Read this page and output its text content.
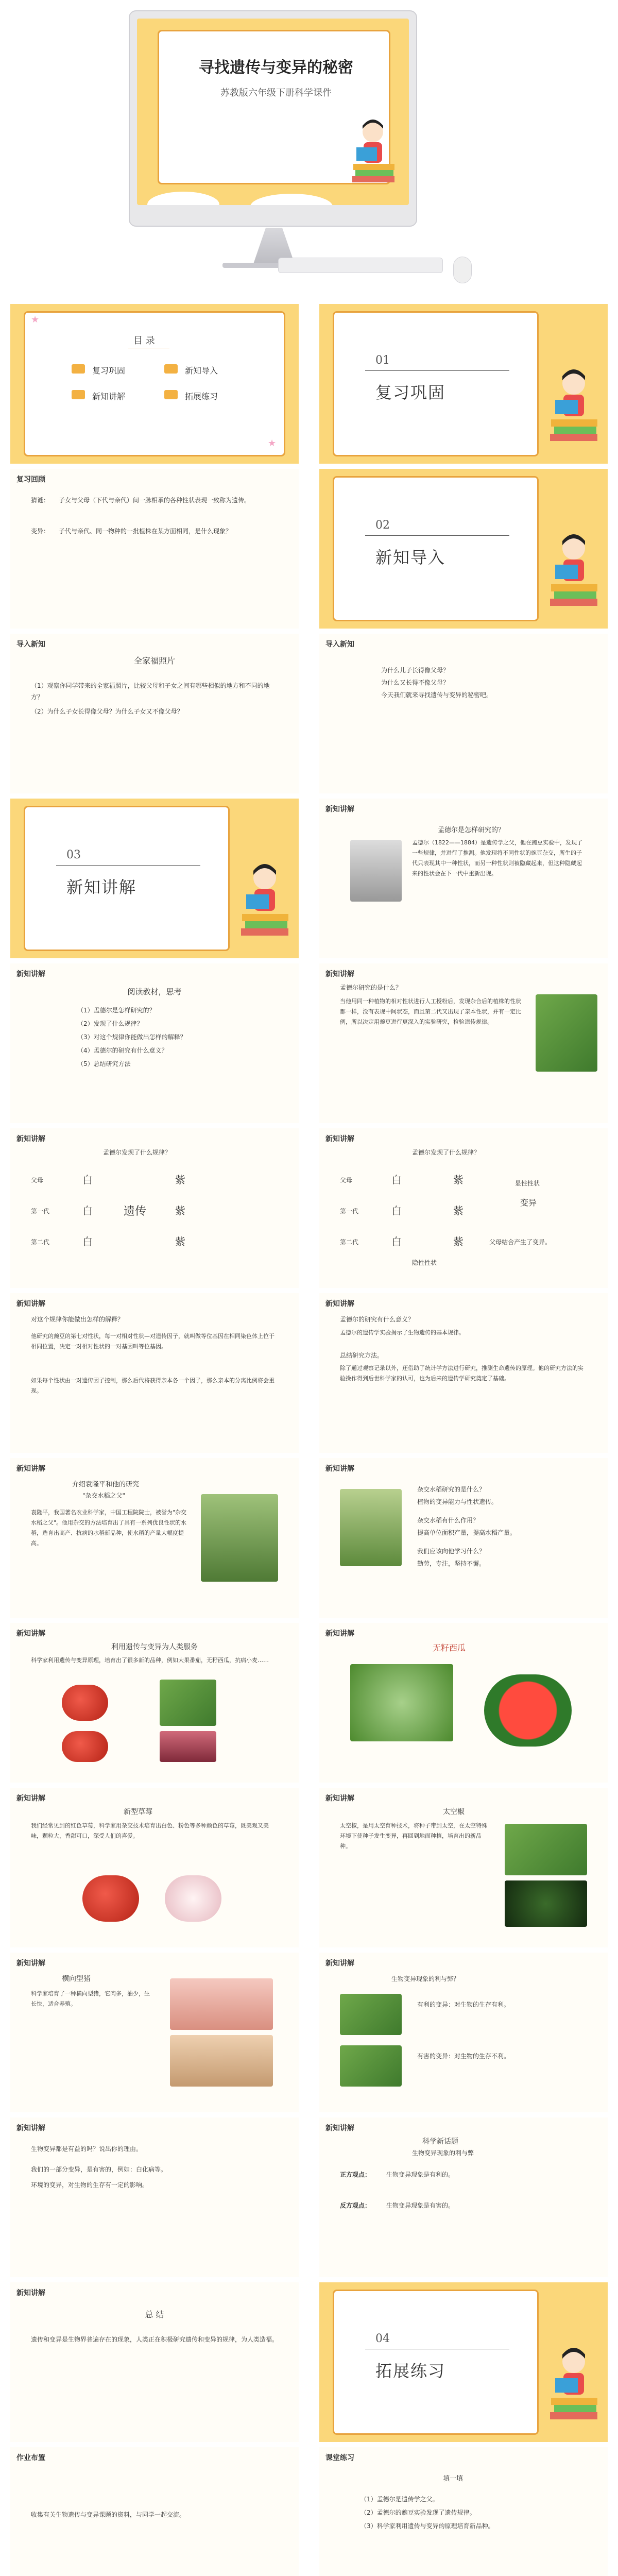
寻找遗传与变异的秘密
苏教版六年级下册科学课件
目 录
复习巩固	新知导入
新知讲解	拓展练习
★
★
01
复习巩固
复习回顾
猜谜：　　子女与父母（下代与亲代）间一脉相承的各种性状表现一致称为遗传。
变异：　　子代与亲代、同一物种的一批植株在某方面相同，是什么现象？	02
新知导入
导入新知
全家福照片
（1）观察你同学带来的全家福照片，比较父母和子女之间有哪些相似的地方和不同的地方？
（2）为什么子女长得像父母？为什么子女又不像父母？
导入新知
为什么儿子长得像父母？
为什么又长得不像父母？
今天我们就来寻找遗传与变异的秘密吧。
03
新知讲解
新知讲解
孟德尔是怎样研究的？
孟德尔（1822——1884）是遗传学之父，他在豌豆实验中，发现了一些规律，并进行了推测。他发现将不同性状的豌豆杂交，所生的子代只表现其中一种性状，而另一种性状则被隐藏起来，但这种隐藏起来的性状会在下一代中重新出现。
新知讲解
阅读教材，思考
（1）孟德尔是怎样研究的？
（2）发现了什么规律？
（3）对这个规律你能做出怎样的解释？
（4）孟德尔的研究有什么意义？
（5）总结研究方法
新知讲解
孟德尔研究的是什么？
当他用同一种植物的相对性状进行人工授粉后，发现杂合后的植株的性状都一样，没有表现中间状态，而且第二代又出现了亲本性状，并有一定比例，所以决定用豌豆进行更深入的实验研究，检验遗传规律。
新知讲解
孟德尔发现了什么规律？
父母	白	紫
第一代	白	遗传	紫
第二代	白	紫
新知讲解
孟德尔发现了什么规律？
父母	白	紫	显性性状
第一代	白	紫
变异
第二代	白	紫	父母结合产生了变异。
隐性性状
新知讲解
对这个规律你能做出怎样的解释？
他研究的豌豆的第七对性状，每一对相对性状—对遗传因子，就叫做等位基因在相同染色体上位于相同位置，决定一对相对性状的一对基因叫等位基因。
如果每个性状由一对遗传因子控制，那么后代将获得亲本各一个因子，那么亲本的分离比例将会重现。
新知讲解
孟德尔的研究有什么意义？
孟德尔的遗传学实验揭示了生物遗传的基本规律。
总结研究方法。
除了通过观察记录以外，还借助了统计学方法进行研究，推测生命遗传的原理。他的研究方法的实验操作得到后世科学家的认可，也为后来的遗传学研究奠定了基础。
新知讲解
介绍袁隆平和他的研究
"杂交水稻之父"
袁隆平，我国著名农业科学家，中国工程院院士，被誉为"杂交水稻之父"。他用杂交的方法培育出了具有一系列优良性状的水稻，选育出高产、抗病的水稻新品种，使水稻的产量大幅度提高。
新知讲解
杂交水稻研究的是什么？
植物的变异能力与性状遗传。
杂交水稻有什么作用？
提高单位面积产量，提高水稻产量。
我们应该向他学习什么？
勤劳，专注，坚持不懈。
新知讲解
利用遗传与变异为人类服务
科学家利用遗传与变异原理，培育出了很多新的品种，例如大果番茄，无籽西瓜，抗病小麦……
新知讲解
无籽西瓜
新知讲解
新型草莓
我们经常见到的红色草莓，科学家用杂交技术培育出白色、粉色等多种颜色的草莓，既美观又美味，颗粒大，香甜可口，深受人们的喜爱。
新知讲解
太空椒
太空椒，是用太空育种技术，将种子带到太空，在太空特殊环境下使种子发生变异，再回到地面种植，培育出的新品种。
新知讲解
横向型猪
科学家培育了一种横向型猪，它肉多，油少，生长快，适合养殖。
新知讲解
生物变异现象的利与弊？
有利的变异：对生物的生存有利。
有害的变异：对生物的生存不利。
新知讲解
生物变异都是有益的吗？说出你的理由。
我们的一部分变异，是有害的，例如：白化病等。
环境的变异，对生物的生存有一定的影响。
新知讲解
科学新话题
生物变异现象的利与弊
正方观点： 生物变异现象是有利的。
反方观点： 生物变异现象是有害的。
新知讲解
总 结
遗传和变异是生物界普遍存在的现象，人类正在积极研究遗传和变异的规律，为人类造福。	04
拓展练习
作业布置
收集有关生物遗传与变异课题的资料，与同学一起交流。
课堂练习
填一填
（1）孟德尔是遗传学之父。
（2）孟德尔的豌豆实验发现了遗传规律。
（3）科学家利用遗传与变异的原理培育新品种。
